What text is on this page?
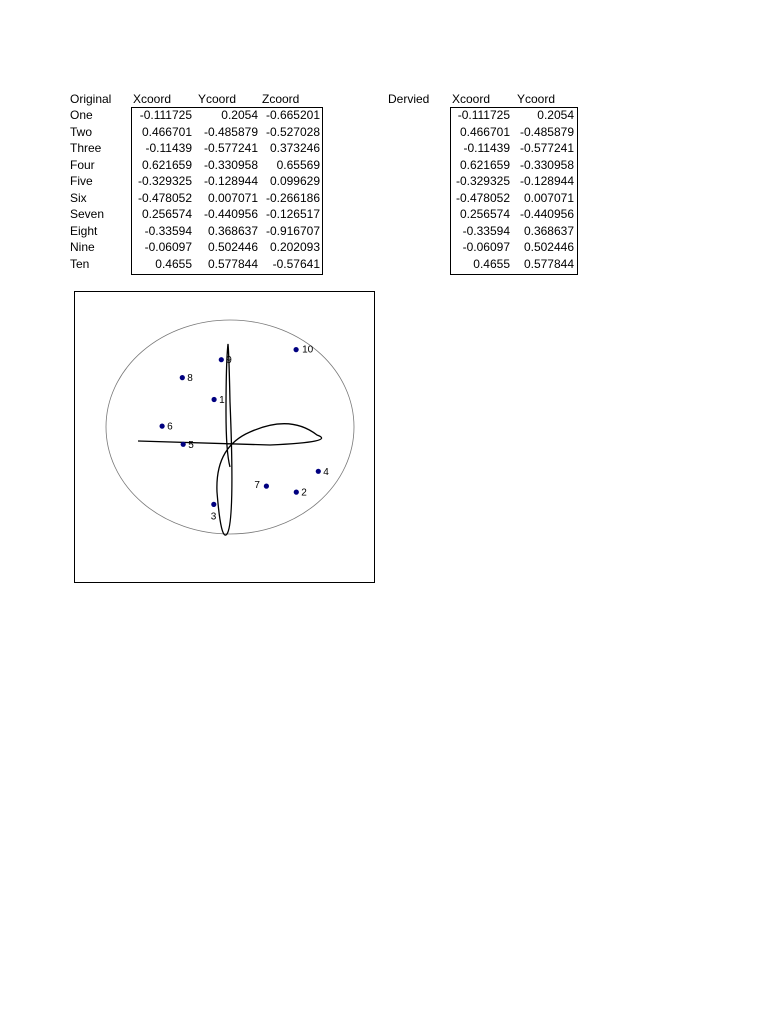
Original Xcoord Ycoord Zcoord
One	-0.111725	0.2054 -0.665201
Two	0.466701 -0.485879 -0.527028
Three	-0.11439 -0.577241 0.373246
Four	0.621659 -0.330958	0.65569
Five	-0.329325 -0.128944 0.099629
Six	-0.478052	0.007071 -0.266186
Seven	0.256574 -0.440956 -0.126517
Eight	-0.33594	0.368637 -0.916707
Nine	-0.06097	0.502446 0.202093
Ten	0.4655	0.577844	-0.57641
Dervied Xcoord Ycoord
-0.111725	0.2054
0.466701 -0.485879
-0.11439 -0.577241
0.621659 -0.330958
-0.329325 -0.128944
-0.478052	0.007071
0.256574 -0.440956
-0.33594	0.368637
-0.06097	0.502446
0.4655	0.577844
1
2
3
4
5
6
7
8
9
10
